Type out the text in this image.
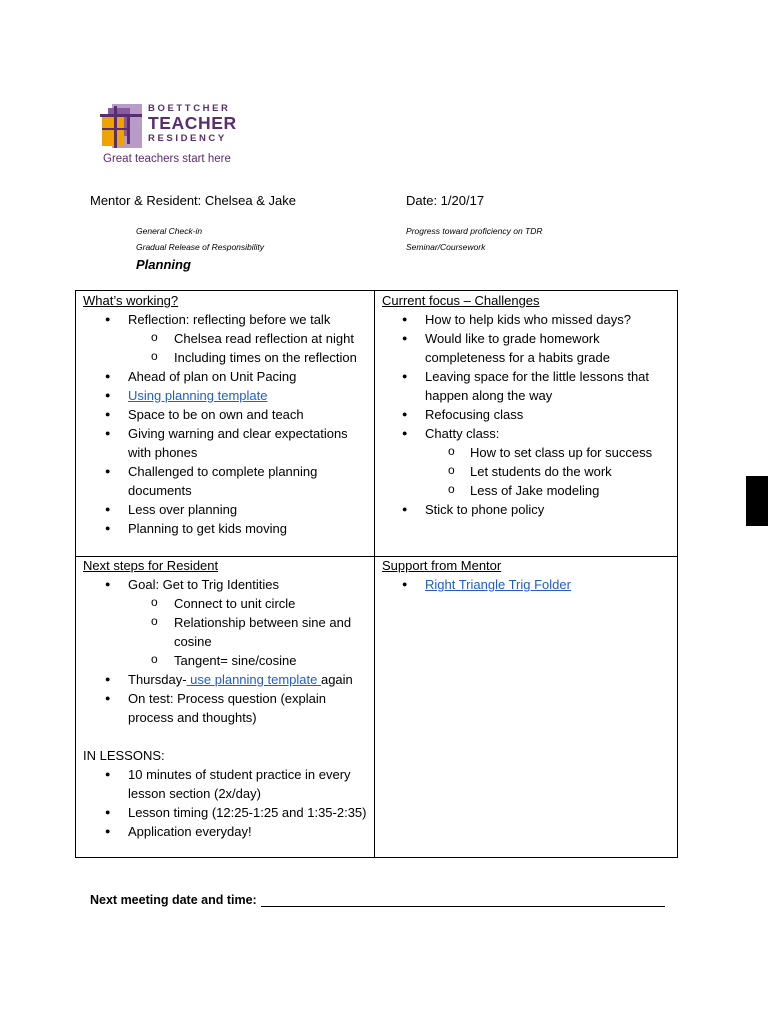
BOETTCHER
TEACHER
RESIDENCY
Great teachers start here
Mentor & Resident: Chelsea & Jake	Date: 1/20/17
General Check-in
Gradual Release of Responsibility
Progress toward proficiency on TDR
Seminar/Coursework
Planning
What’s working?
● Reflection: reflecting before we talk
o Chelsea read reflection at night
o Including times on the reflection
● Ahead of plan on Unit Pacing
● Using planning template
● Space to be on own and teach
● Giving warning and clear expectations with phones
● Challenged to complete planning documents
● Less over planning
● Planning to get kids moving
Current focus – Challenges
● How to help kids who missed days?
● Would like to grade homework completeness for a habits grade
● Leaving space for the little lessons that happen along the way
● Refocusing class
● Chatty class:
o How to set class up for success
o Let students do the work
o Less of Jake modeling
● Stick to phone policy
Next steps for Resident
● Goal: Get to Trig Identities
o Connect to unit circle
o Relationship between sine and cosine
o Tangent= sine/cosine
● Thursday- use planning template again
● On test: Process question (explain process and thoughts)
IN LESSONS:
● 10 minutes of student practice in every lesson section (2x/day)
● Lesson timing (12:25-1:25 and 1:35-2:35)
● Application everyday!
Support from Mentor
● Right Triangle Trig Folder
Next meeting date and time:
